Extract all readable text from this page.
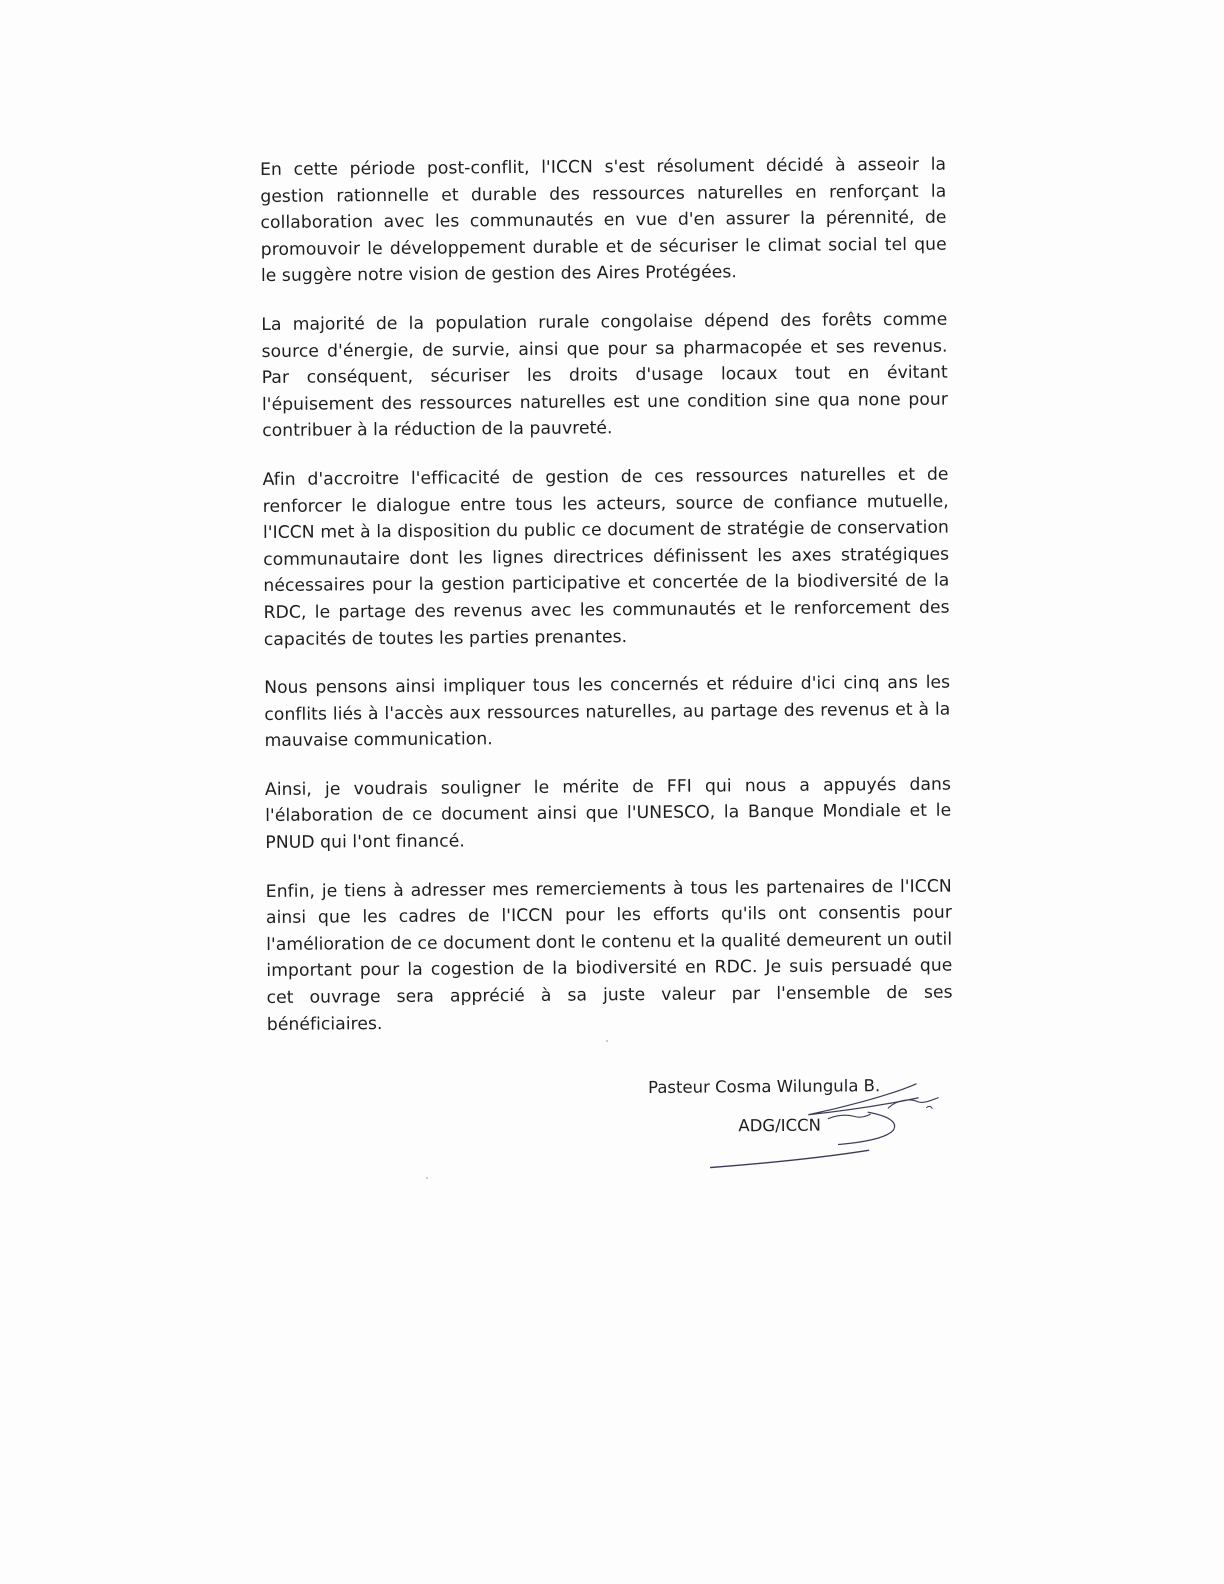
En cette période post-conflit, l'ICCN s'est résolument décidé à asseoir la gestion rationnelle et durable des ressources naturelles en renforçant la collaboration avec les communautés en vue d'en assurer la pérennité, de promouvoir le développement durable et de sécuriser le climat social tel que le suggère notre vision de gestion des Aires Protégées.

La majorité de la population rurale congolaise dépend des forêts comme source d'énergie, de survie, ainsi que pour sa pharmacopée et ses revenus. Par conséquent, sécuriser les droits d'usage locaux tout en évitant l'épuisement des ressources naturelles est une condition sine qua none pour contribuer à la réduction de la pauvreté.

Afin d'accroitre l'efficacité de gestion de ces ressources naturelles et de renforcer le dialogue entre tous les acteurs, source de confiance mutuelle, l'ICCN met à la disposition du public ce document de stratégie de conservation communautaire dont les lignes directrices définissent les axes stratégiques nécessaires pour la gestion participative et concertée de la biodiversité de la RDC, le partage des revenus avec les communautés et le renforcement des capacités de toutes les parties prenantes.

Nous pensons ainsi impliquer tous les concernés et réduire d'ici cinq ans les conflits liés à l'accès aux ressources naturelles, au partage des revenus et à la mauvaise communication.

Ainsi, je voudrais souligner le mérite de FFI qui nous a appuyés dans l'élaboration de ce document ainsi que l'UNESCO, la Banque Mondiale et le PNUD qui l'ont financé.

Enfin, je tiens à adresser mes remerciements à tous les partenaires de l'ICCN ainsi que les cadres de l'ICCN pour les efforts qu'ils ont consentis pour l'amélioration de ce document dont le contenu et la qualité demeurent un outil important pour la cogestion de la biodiversité en RDC. Je suis persuadé que cet ouvrage sera apprécié à sa juste valeur par l'ensemble de ses bénéficiaires.

Pasteur Cosma Wilungula B.
ADG/ICCN
